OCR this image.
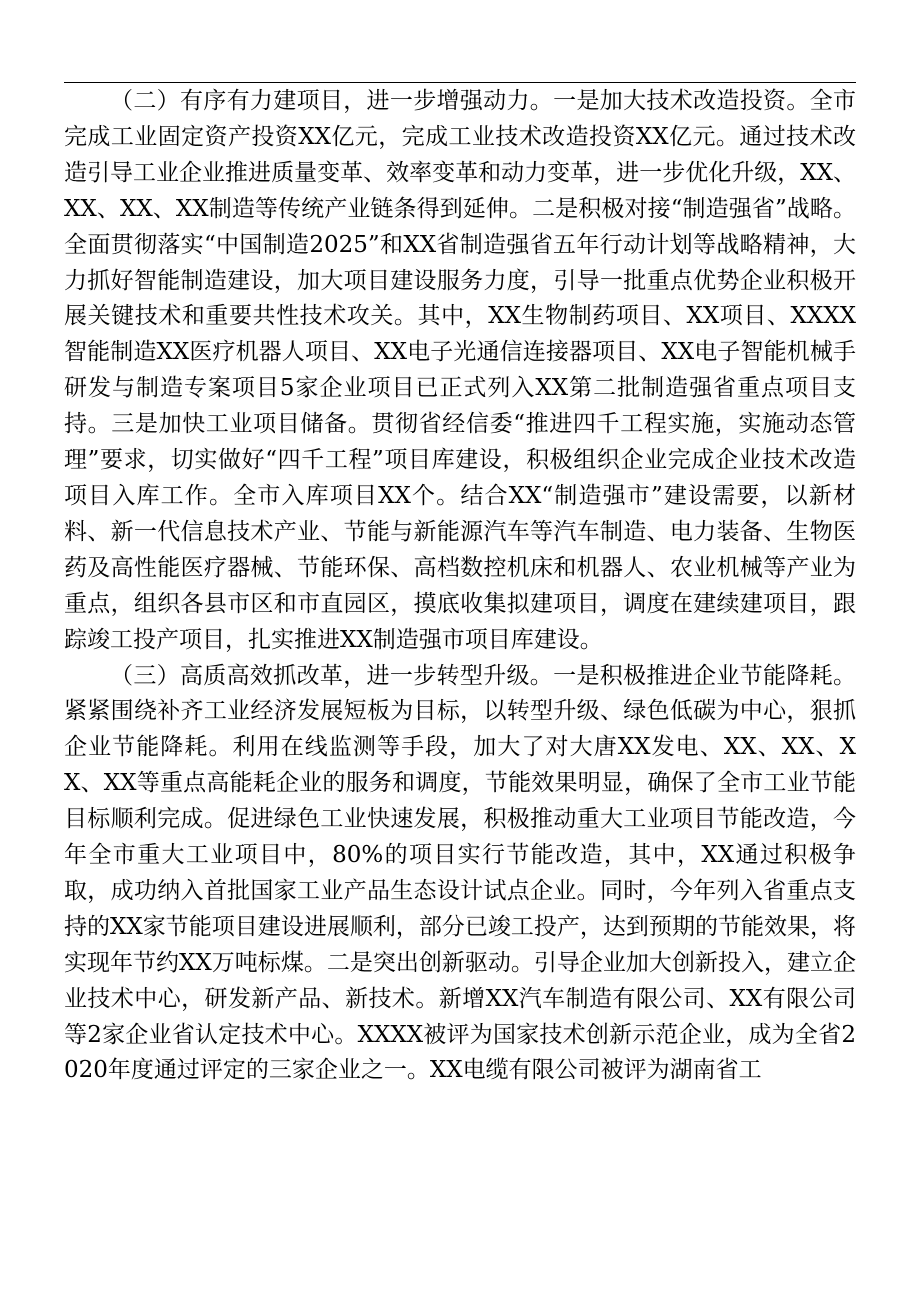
（二）有序有力建项目，进一步增强动力。一是加大技术改造投资。全市完成工业固定资产投资XX亿元，完成工业技术改造投资XX亿元。通过技术改造引导工业企业推进质量变革、效率变革和动力变革，进一步优化升级，XX、XX、XX、XX制造等传统产业链条得到延伸。二是积极对接“制造强省”战略。全面贯彻落实“中国制造2025”和XX省制造强省五年行动计划等战略精神，大力抓好智能制造建设，加大项目建设服务力度，引导一批重点优势企业积极开展关键技术和重要共性技术攻关。其中，XX生物制药项目、XX项目、XXXX智能制造XX医疗机器人项目、XX电子光通信连接器项目、XX电子智能机械手研发与制造专案项目5家企业项目已正式列入XX第二批制造强省重点项目支持。三是加快工业项目储备。贯彻省经信委“推进四千工程实施，实施动态管理”要求，切实做好“四千工程”项目库建设，积极组织企业完成企业技术改造项目入库工作。全市入库项目XX个。结合XX“制造强市”建设需要，以新材料、新一代信息技术产业、节能与新能源汽车等汽车制造、电力装备、生物医药及高性能医疗器械、节能环保、高档数控机床和机器人、农业机械等产业为重点，组织各县市区和市直园区，摸底收集拟建项目，调度在建续建项目，跟踪竣工投产项目，扎实推进XX制造强市项目库建设。

（三）高质高效抓改革，进一步转型升级。一是积极推进企业节能降耗。紧紧围绕补齐工业经济发展短板为目标，以转型升级、绿色低碳为中心，狠抓企业节能降耗。利用在线监测等手段，加大了对大唐XX发电、XX、XX、XX、XX等重点高能耗企业的服务和调度，节能效果明显，确保了全市工业节能目标顺利完成。促进绿色工业快速发展，积极推动重大工业项目节能改造，今年全市重大工业项目中，80%的项目实行节能改造，其中，XX通过积极争取，成功纳入首批国家工业产品生态设计试点企业。同时，今年列入省重点支持的XX家节能项目建设进展顺利，部分已竣工投产，达到预期的节能效果，将实现年节约XX万吨标煤。二是突出创新驱动。引导企业加大创新投入，建立企业技术中心，研发新产品、新技术。新增XX汽车制造有限公司、XX有限公司等2家企业省认定技术中心。XXXX被评为国家技术创新示范企业，成为全省2020年度通过评定的三家企业之一。XX电缆有限公司被评为湖南省工
